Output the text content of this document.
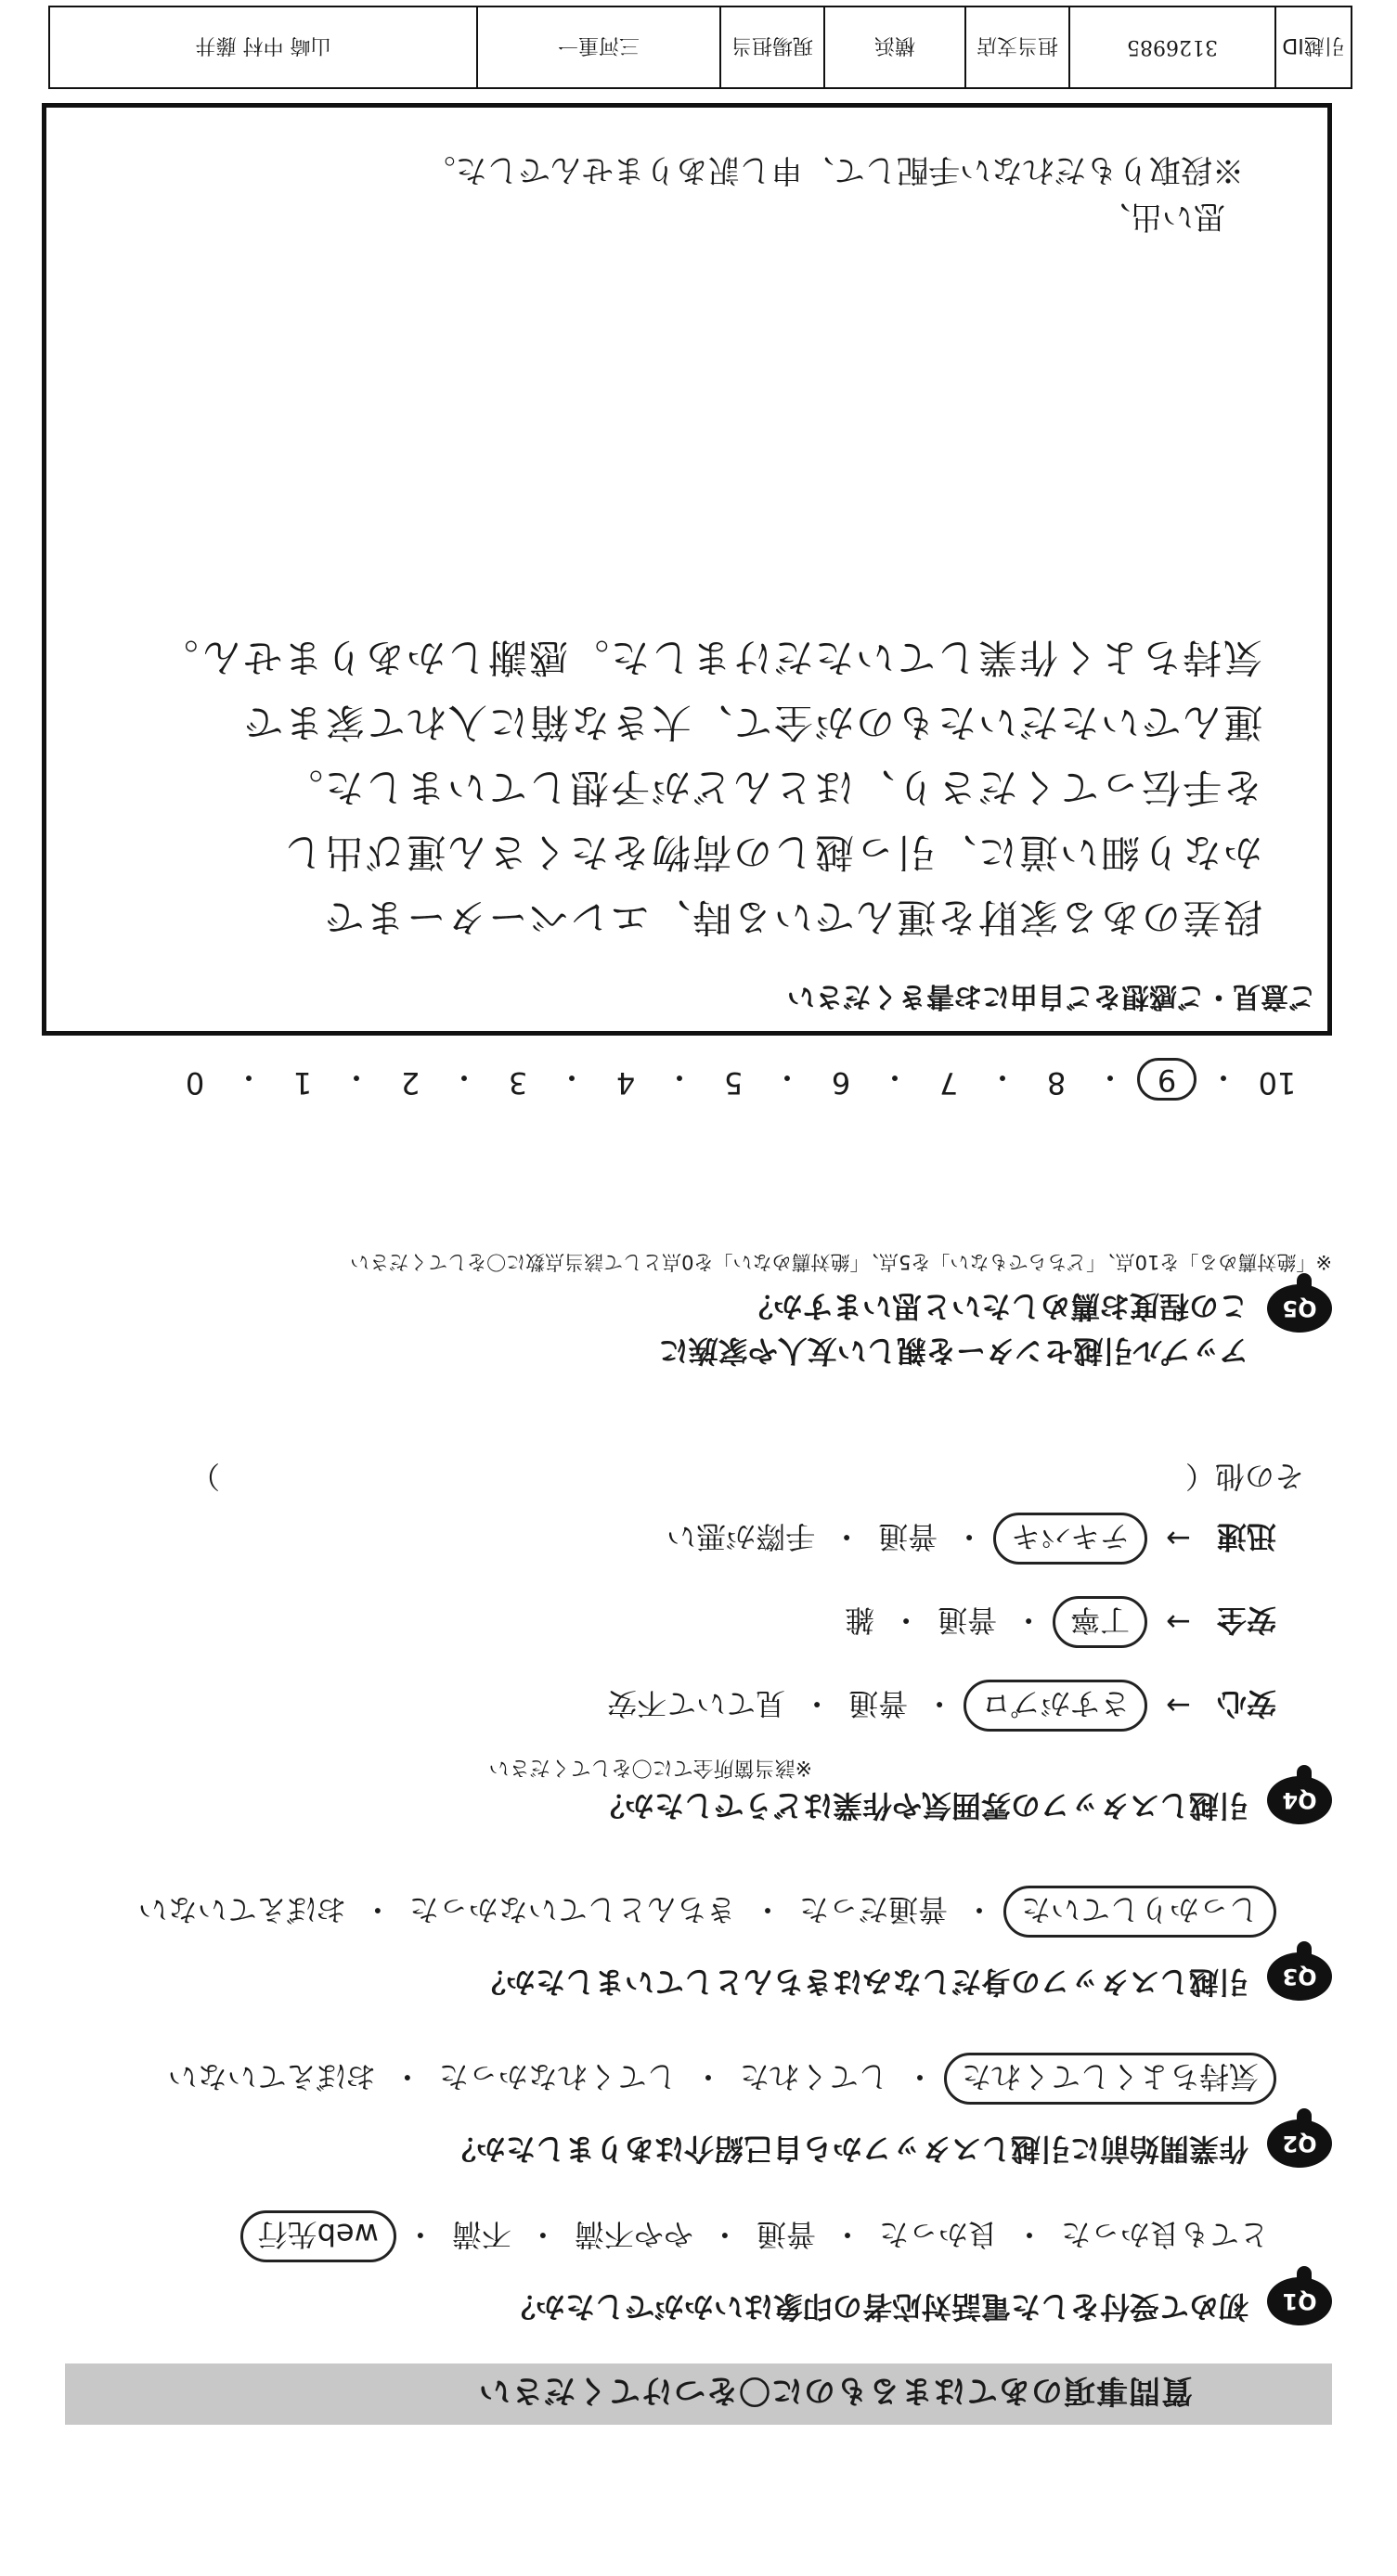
質問事項のあてはまるものに〇をつけてください
Q1
初めて受付をした電話対応者の印象はいかがでしたか？
とても良かった
・
良かった
・
普通
・
やや不満
・
不満
・
web先行
Q2
作業開始前に引越しスタッフから自己紹介はありましたか？
気持ちよくしてくれた
・
してくれた
・
してくれなかった
・
おぼえていない
Q3
引越しスタッフの身だしなみはきちんとしていましたか？
しっかりしていた
・
普通だった
・
きちんとしていなかった
・
おぼえていない
Q4
引越しスタッフの雰囲気や作業はどうでしたか？
※該当箇所全てに〇をしてください
安心
→
さすがプロ
・
普通
・
見ていて不安
安全
→
丁寧
・
普通
・
雑
迅速
→
テキパキ
・
普通
・
手際が悪い
その他（
）
Q5
アップル引越センターを親しい友人や家族に
この程度お薦めしたいと思いますか？
※「絶対薦める」を10点、「どちらでもない」を5点、「絶対薦めない」を0点として該当点数に〇をしてください
10
・
9
・
8
・
7
・
6
・
5
・
4
・
3
・
2
・
1
・
0
ご意見・ご感想をご自由にお書きください
段差のある家財を運んでいる時、エレベーターまで
かなり細い道に、引っ越しの荷物をたくさん運び出し
を手伝ってくださり、ほとんどが予想していました。
運んでいただいたものが全て、大きな箱に入れて家まで
気持ちよく作業していただけました。感謝しかありません。
思い出、
※段取りもだれない手配して、申し訳ありませんでした。
引越ID
3126985
担当支店
横浜
現場担当
三河重一
山崎 中村 藤井
